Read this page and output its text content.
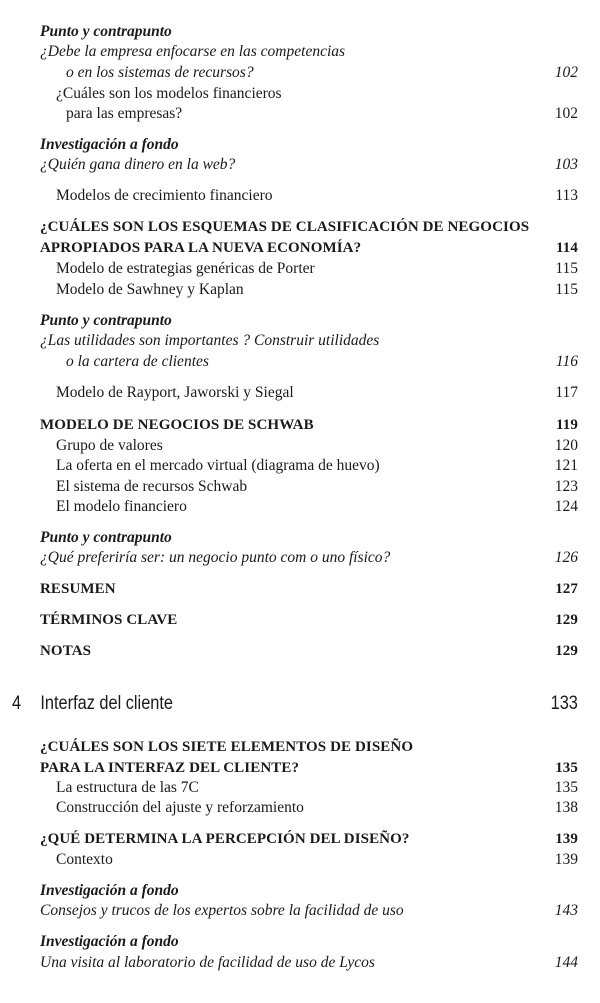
Punto y contrapunto
¿Debe la empresa enfocarse en las competencias
o en los sistemas de recursos?	102
¿Cuáles son los modelos financieros
para las empresas?	102
Investigación a fondo
¿Quién gana dinero en la web?	103
Modelos de crecimiento financiero	113
¿CUÁLES SON LOS ESQUEMAS DE CLASIFICACIÓN DE NEGOCIOS
APROPIADOS PARA LA NUEVA ECONOMÍA?	114
Modelo de estrategias genéricas de Porter	115
Modelo de Sawhney y Kaplan	115
Punto y contrapunto
¿Las utilidades son importantes ? Construir utilidades
o la cartera de clientes	116
Modelo de Rayport, Jaworski y Siegal	117
MODELO DE NEGOCIOS DE SCHWAB	119
Grupo de valores	120
La oferta en el mercado virtual (diagrama de huevo)	121
El sistema de recursos Schwab	123
El modelo financiero	124
Punto y contrapunto
¿Qué preferiría ser: un negocio punto com o uno físico?	126
RESUMEN	127
TÉRMINOS CLAVE	129
NOTAS	129
4	Interfaz del cliente	133
¿CUÁLES SON LOS SIETE ELEMENTOS DE DISEÑO
PARA LA INTERFAZ DEL CLIENTE?	135
La estructura de las 7C	135
Construcción del ajuste y reforzamiento	138
¿QUÉ DETERMINA LA PERCEPCIÓN DEL DISEÑO?	139
Contexto	139
Investigación a fondo
Consejos y trucos de los expertos sobre la facilidad de uso	143
Investigación a fondo
Una visita al laboratorio de facilidad de uso de Lycos	144
